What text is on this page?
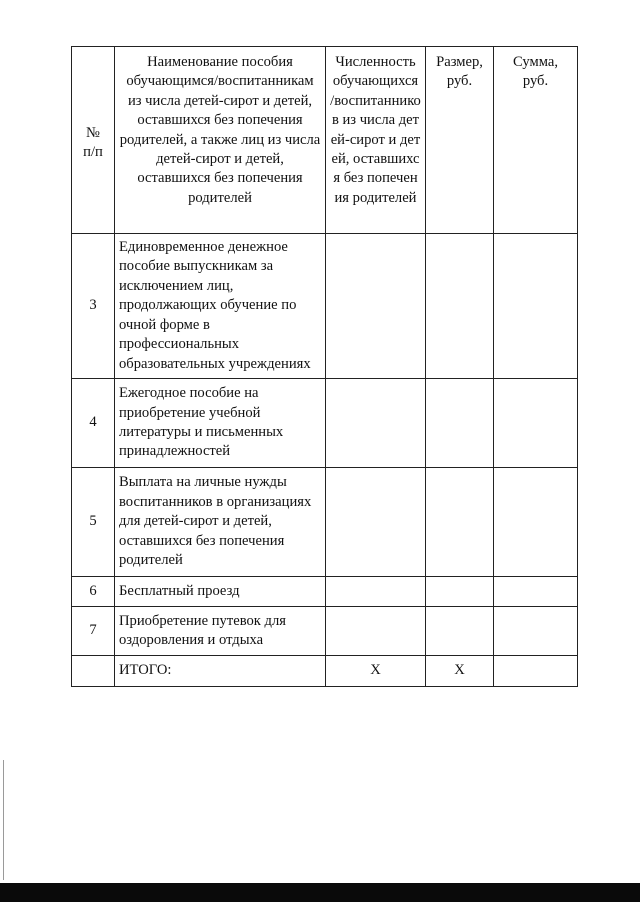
№ п/п	Наименование пособия обучающимся/воспитанникам из числа детей-сирот и детей, оставшихся без попечения родителей, а также лиц из числа детей-сирот и детей, оставшихся без попечения родителей	Численность обучающихся /воспитанников из числа детей-сирот и детей, оставшихся без попечения родителей	Размер, руб.	Сумма, руб.

3	Единовременное денежное пособие выпускникам за исключением лиц, продолжающих обучение по очной форме в профессиональных образовательных учреждениях			
4	Ежегодное пособие на приобретение учебной литературы и письменных принадлежностей			
5	Выплата на личные нужды воспитанников в организациях для детей-сирот и детей, оставшихся без попечения родителей			
6	Бесплатный проезд			
7	Приобретение путевок для оздоровления и отдыха			
	ИТОГО:	Х	Х	
